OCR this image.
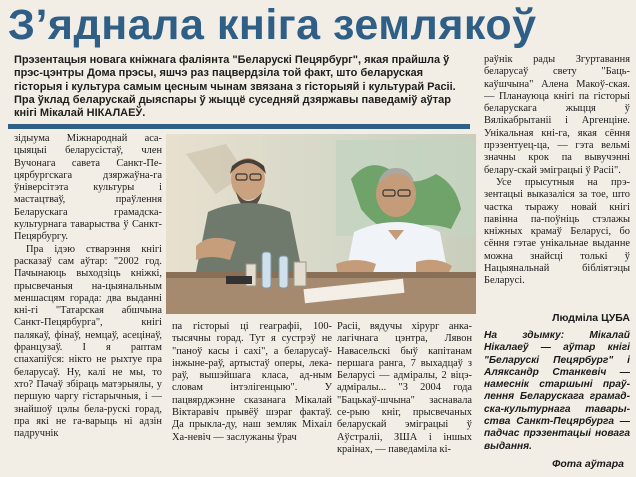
З’яднала кніга землякоў
Прэзентацыя новага кніжнага фаліянта "Беларускі Пецярбург", якая прайшла ў прэс-цэнтры Дома прэсы, яшчэ раз пацвердзіла той факт, што беларуская гісторыя і культура самым цесным чынам звязана з гісторыяй і культурай Расіі. Пра ўклад беларускай дыяспары ў жыццё суседняй дзяржавы паведаміў аўтар кнігі Мікалай НІКАЛАЕЎ.

зідыума Міжнароднай аса-цыяцыі беларусістаў, член Вучонага савета Санкт-Пе-цярбургскага дзяржаўна-га ўніверсітэта культуры і мастацтваў, праўлення Беларускага грамадска-культурнага таварыства ў Санкт-Пецярбургу.

Пра ідэю стварэння кнігі расказаў сам аўтар: "2002 год. Пачынаюць выходзіць кніжкі, прысвечаныя на-цыянальным меншасцям горада: два выданні кні-гі "Татарская абшчына Санкт-Пецярбурга", кнігі палякаў, фінаў, немцаў, асецінаў, французаў. І я раптам спахапіўся: нікто не рыхтуе пра беларусаў. Ну, калі не мы, то хто? Пачаў збіраць матэрыялы, у першую чаргу гістарычныя, і — знайшоў цэлы бела-рускі горад, пра які не га-варыць ні адзін падручнік

па гісторыі ці геаграфіі, 100-тысячны горад. Тут я сустрэў не "паноў касы і сахі", а беларусаў-інжыне-раў, артыстаў оперы, лека-раў, вышэйшага класа, ад-ным словам інтэлігенцыю". У пацвярджэнне сказанага Мікалай Віктаравіч прывёў шэраг фактаў. Да прыкла-ду, наш земляк Міхаіл Ха-невіч — заслужаны ўрач

Расіі, вядучы хірург анка-лагічнага цэнтра, Лявон Навасельскі быў капітанам першага ранга, 7 выхадцаў з Беларусі — адміралы, 2 віцэ-адміралы... "З 2004 года "Бацькаў-шчына" заснавала се-рыю кніг, прысвечаных беларускай эміграцыі ў Аўстраліі, ЗША і іншых краінах, — паведаміла кі-

раўнік рады Згуртавання беларусаў свету "Баць-каўшчына" Алена Макоў-ская. — Планауюца кнігі па гісторыі беларускага жыцця ў Вялікабрытаніі і Аргенціне. Унікальная кні-га, якая сёння прэзентуец-ца, — гэта вельмі значны крок па вывучэнні белару-скай эміграцыі ў Расіі".

Усе прысутныя на прэ-зентацыі выказаліся за тое, што частка тыражу новай кнігі павінна па-поўніць стэлажы кніжных крамаў Беларусі, бо сёння гэтае унікальнае выданне можна знайсці толькі ў Нацыянальнай бібліятэцы Беларусі.

Людміла ЦУБА
На здымку: Мікалай Нікалаеў — аўтар кнігі "Беларускі Пецярбург" і Аляксандр Станкевіч — намеснік старшыні праў-лення Беларускага грамад-ска-культурнага тавары-ства Санкт-Пецярбурга — падчас прэзентацыі новага выдання.
Фота аўтара
